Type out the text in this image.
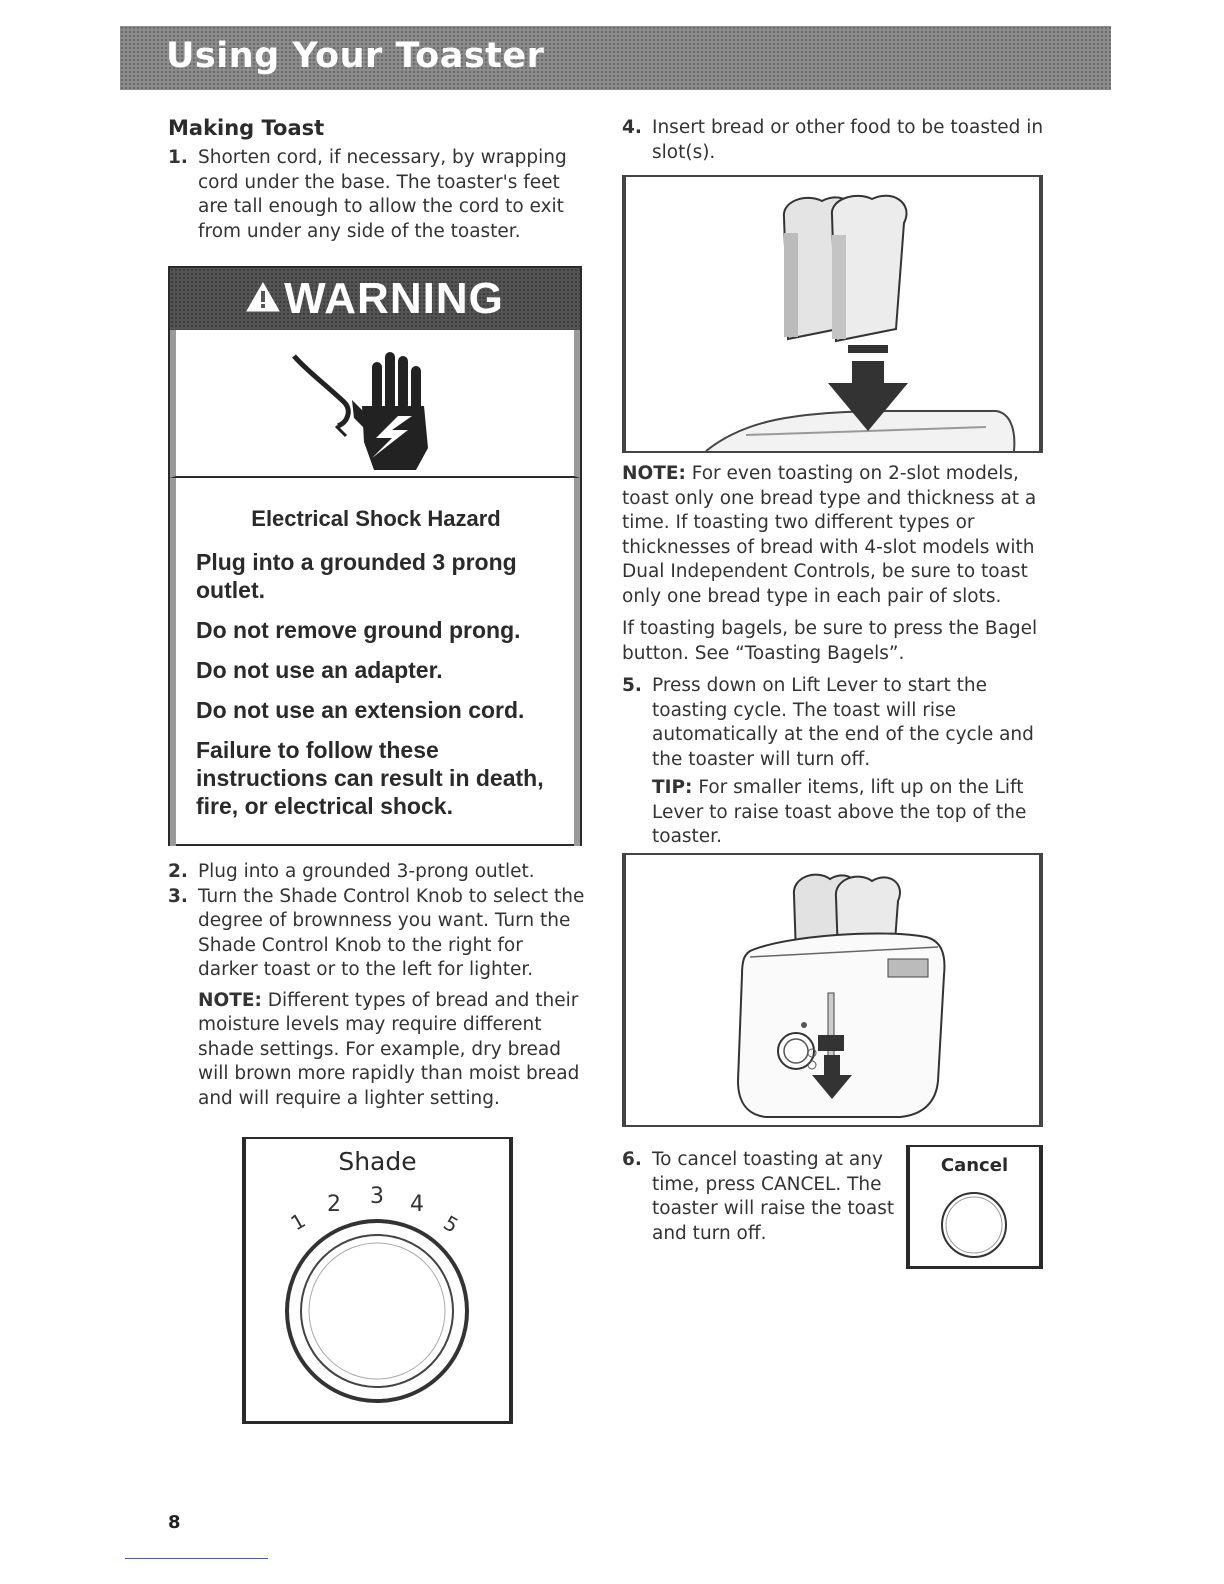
Using Your Toaster

Making Toast

1. Shorten cord, if necessary, by wrapping cord under the base. The toaster's feet are tall enough to allow the cord to exit from under any side of the toaster.

WARNING

Electrical Shock Hazard

Plug into a grounded 3 prong outlet.

Do not remove ground prong.

Do not use an adapter.

Do not use an extension cord.

Failure to follow these instructions can result in death, fire, or electrical shock.

2. Plug into a grounded 3-prong outlet.

3. Turn the Shade Control Knob to select the degree of brownness you want. Turn the Shade Control Knob to the right for darker toast or to the left for lighter.

NOTE: Different types of bread and their moisture levels may require different shade settings. For example, dry bread will brown more rapidly than moist bread and will require a lighter setting.

Shade
1
2 3 4
5

4. Insert bread or other food to be toasted in slot(s).

NOTE: For even toasting on 2-slot models, toast only one bread type and thickness at a time. If toasting two different types or thicknesses of bread with 4-slot models with Dual Independent Controls, be sure to toast only one bread type in each pair of slots.

If toasting bagels, be sure to press the Bagel button. See “Toasting Bagels”.

5. Press down on Lift Lever to start the toasting cycle. The toast will rise automatically at the end of the cycle and the toaster will turn off.

TIP: For smaller items, lift up on the Lift Lever to raise toast above the top of the toaster.

6. To cancel toasting at any time, press CANCEL. The toaster will raise the toast and turn off.

Cancel
8
